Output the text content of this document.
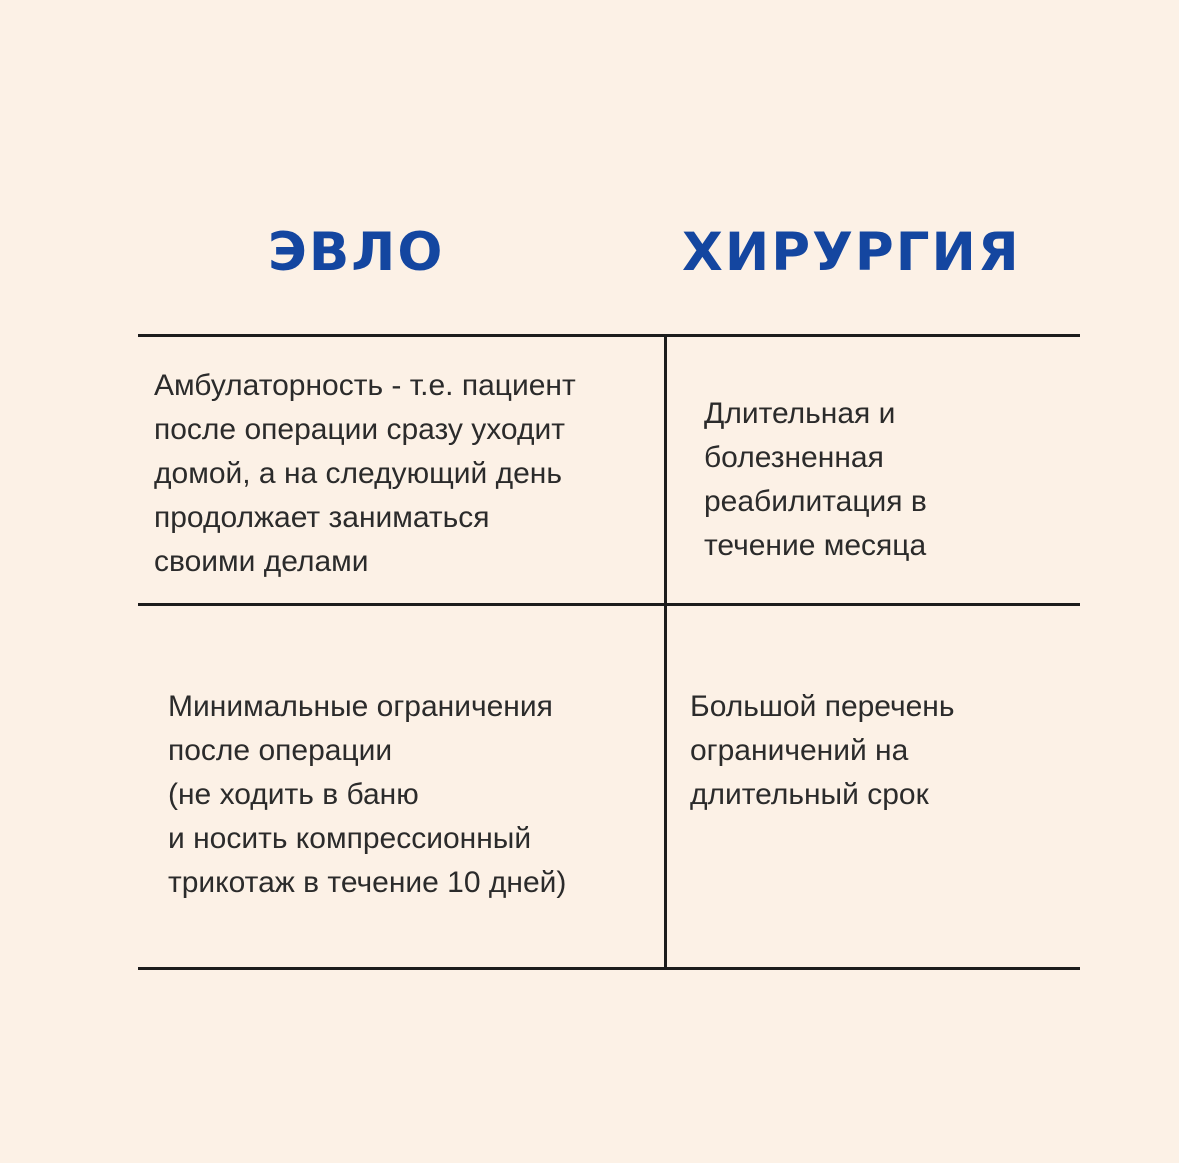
ЭВЛО	ХИРУРГИЯ
Амбулаторность - т.е. пациент
после операции сразу уходит
домой, а на следующий день
продолжает заниматься
своими делами
Длительная и
болезненная
реабилитация в
течение месяца
Минимальные ограничения
после операции
(не ходить в баню
и носить компрессионный
трикотаж в течение 10 дней)
Большой перечень
ограничений на
длительный срок
